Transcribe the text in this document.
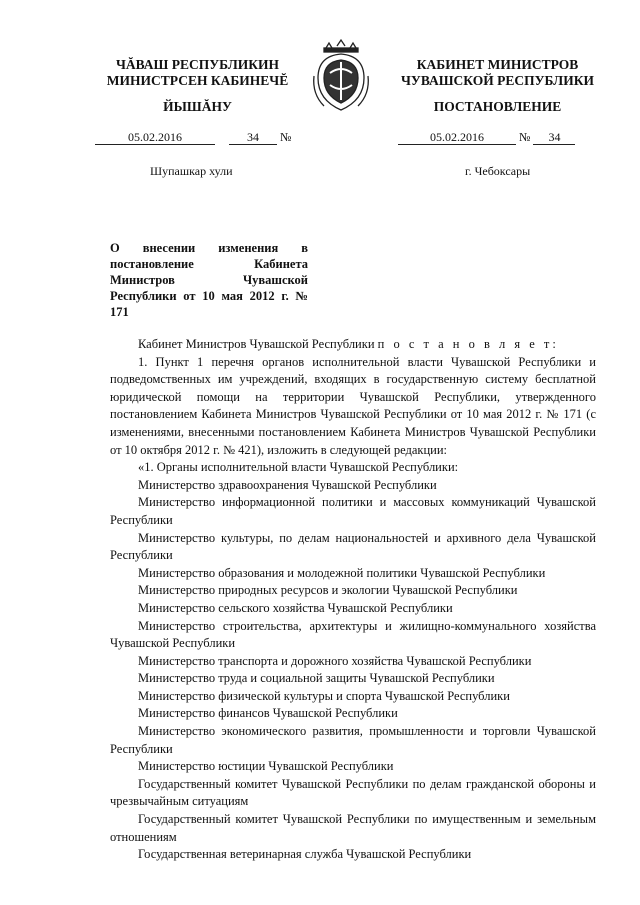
ЧĂВАШ РЕСПУБЛИКИН
МИНИСТРСЕН КАБИНЕЧĔ
КАБИНЕТ МИНИСТРОВ
ЧУВАШСКОЙ РЕСПУБЛИКИ
ЙЫШĂНУ	ПОСТАНОВЛЕНИЕ
05.02.2016	34 №	05.02.2016	№ 34
Шупашкар хули	г. Чебоксары
О внесении изменения в постановление Кабинета Министров Чувашской Республики от 10 мая 2012 г. № 171

Кабинет Министров Чувашской Республики п о с т а н о в л я е т:

1. Пункт 1 перечня органов исполнительной власти Чувашской Республики и подведомственных им учреждений, входящих в государственную систему бесплатной юридической помощи на территории Чувашской Республики, утвержденного постановлением Кабинета Министров Чувашской Республики от 10 мая 2012 г. № 171 (с изменениями, внесенными постановлением Кабинета Министров Чувашской Республики от 10 октября 2012 г. № 421), изложить в следующей редакции:

«1. Органы исполнительной власти Чувашской Республики:

Министерство здравоохранения Чувашской Республики

Министерство информационной политики и массовых коммуникаций Чувашской Республики

Министерство культуры, по делам национальностей и архивного дела Чувашской Республики

Министерство образования и молодежной политики Чувашской Республики

Министерство природных ресурсов и экологии Чувашской Республики

Министерство сельского хозяйства Чувашской Республики

Министерство строительства, архитектуры и жилищно-коммунального хозяйства Чувашской Республики

Министерство транспорта и дорожного хозяйства Чувашской Республики

Министерство труда и социальной защиты Чувашской Республики

Министерство физической культуры и спорта Чувашской Республики

Министерство финансов Чувашской Республики

Министерство экономического развития, промышленности и торговли Чувашской Республики

Министерство юстиции Чувашской Республики

Государственный комитет Чувашской Республики по делам гражданской обороны и чрезвычайным ситуациям

Государственный комитет Чувашской Республики по имущественным и земельным отношениям

Государственная ветеринарная служба Чувашской Республики
